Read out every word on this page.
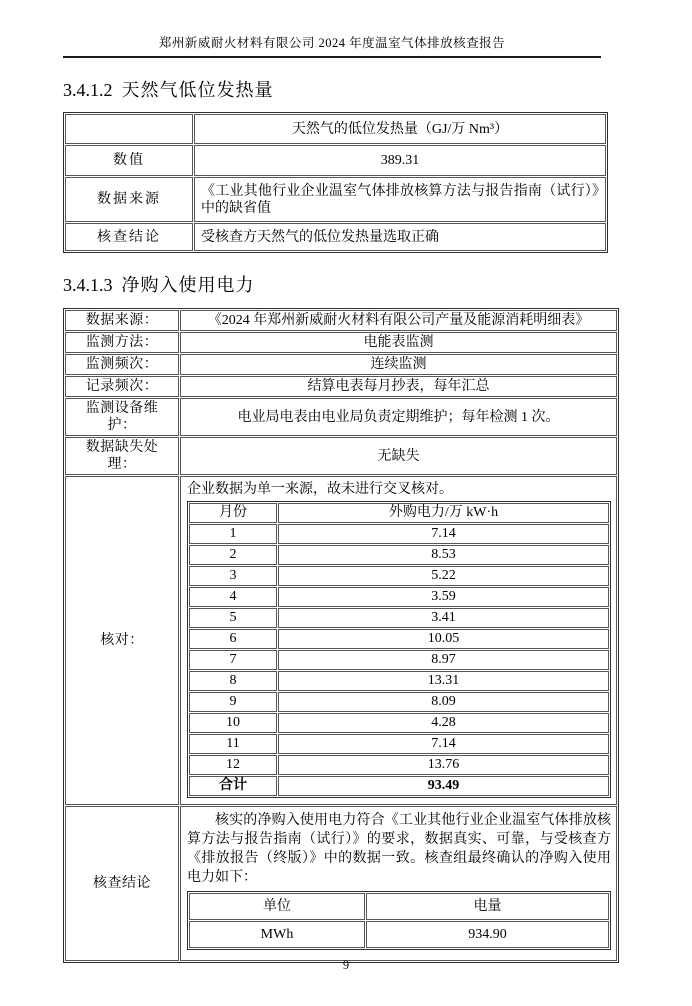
郑州新威耐火材料有限公司 2024 年度温室气体排放核查报告
3.4.1.2 天然气低位发热量
	天然气的低位发热量（GJ/万 Nm³）
数值	389.31
数据来源	《工业其他行业企业温室气体排放核算方法与报告指南（试行）》中的缺省值
核查结论	受核查方天然气的低位发热量选取正确
3.4.1.3 净购入使用电力
数据来源：	《2024 年郑州新威耐火材料有限公司产量及能源消耗明细表》
监测方法：	电能表监测
监测频次：	连续监测
记录频次：	结算电表每月抄表，每年汇总
监测设备维护：	电业局电表由电业局负责定期维护；每年检测 1 次。
数据缺失处理：	无缺失
核对：	
企业数据为单一来源，故未进行交叉核对。
月份	外购电力/万 kW·h
1	7.14
2	8.53
3	5.22
4	3.59
5	3.41
6	10.05
7	8.97
8	13.31
9	8.09
10	4.28
11	7.14
12	13.76
合计	93.49

核查结论	
核实的净购入使用电力符合《工业其他行业企业温室气体排放核算方法与报告指南（试行）》的要求，数据真实、可靠，与受核查方《排放报告（终版）》中的数据一致。核查组最终确认的净购入使用电力如下：
单位	电量
MWh	934.90
9
